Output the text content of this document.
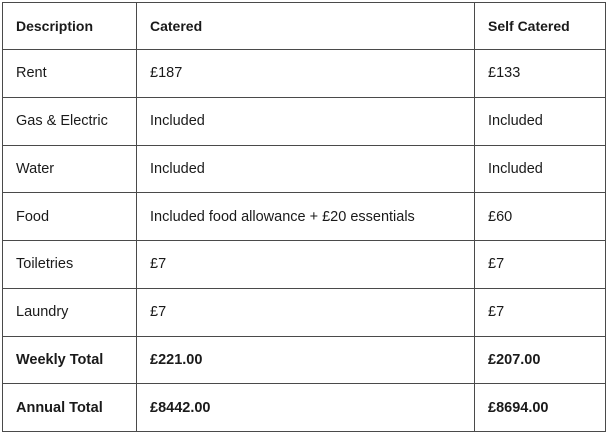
Description	Catered	Self Catered
Rent	£187	£133
Gas & Electric	Included	Included
Water	Included	Included
Food	Included food allowance + £20 essentials	£60
Toiletries	£7	£7
Laundry	£7	£7
Weekly Total	£221.00	£207.00
Annual Total	£8442.00	£8694.00
